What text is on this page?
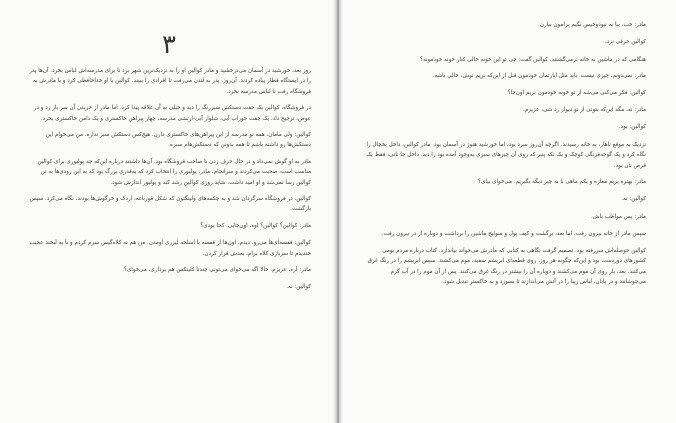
٣

روز بعد، خورشید در آسمان می‌درخشید و مادر کوالین او را به نزدیک‌ترین شهر برد تا برای مدرسه‌اش لباس بخرد. آن‌ها پدر را در ایستگاه قطار پیاده کردند. آن‌روز، پدر به لندن می‌رفت تا افرادی را ببیند. کوالین با او خداحافظی کرد و با مادرش به فروشگاه رفت تا لباس مدرسه بخرد.

در فروشگاه، کوالین یک جفت دستکش سبزرنگ را دید و خیلی به آن علاقه پیدا کرد. اما مادر از خریدن آن سر باز زد و در عوض، ترجیح داد، یک جفت جوراب آبی، شلوار آبی-ارتشی مدرسه، چهار پیراهن خاکستری و یک دامن خاکستری بخرد.

کوالین: ولی مامان، همه تو مدرسه از این پیراهن‌های خاکستری دارن. هیچ‌کس دستکش سبز نداره. من می‌خوام این دستکش‌ها رو داشته باشم تا همه بدونن که دستکش‌هام سبزه.

مادر به او گوش نمی‌داد و در حال حرف زدن با صاحب فروشگاه بود. آن‌ها داشتند درباره این‌که چه پولیوری برای کوالین مناسب است، صحبت می‌کردند و سرانجام، مادر، پولیوری را انتخاب کرد که به‌قدری بزرگ بود که به این زودی‌ها به تن کوالین رسا نمی‌شد و او امید داشت، شاید روزی کوالین رشد کند و پولیور اندازش شود.

کوالین، در فروشگاه سرگردان شد و به چکمه‌های ولینگتون که شکل قورباغه، اردک و خرگوش‌ها بودند، نگاه می‌کرد. سپس بازگشت.

مادر: کوالین؟ کوالین؟ اوه، اون‌جایی. کجا بودی؟

کوالین: قفسه‌ای‌ها می‌رو، دیدم، اون‌ها از قفسه با اسلحه لیزری اومدن. من هم به کلاه‌گیس سرم کردم و با یه لبخند عجیب خندیدم تا سربازی کلاه برام، بعدش فرار کردن.

مادر: آره، عزیزم. حالا اگه می‌خوای می‌تونی چندتا کلینکس هم برداری، می‌خوای؟

کوالین: نه.

مادر: خب، بیا به نیودوخیس بگیم پرامون بیارن.

کوالین حرفی نزد.

هنگامی که در ماشین به خانه برمی‌گشتند، کوالین گفت: چی تو این خونه خالی کنار خونه خودمونه؟

مادر: نمی‌دونم، چیزی نیست. باید مثل اپارتمان خودمون قبل از این‌که بریم توش، خالی باشه.

کوالین: فکر می‌کنی می‌شه از تو خونه خودمون بریم اون‌جا؟

مادر: نه، مگه این‌که بتونی از تو دیوار رد شی، عزیزم.

کوالین: بود.

نزدیک به موقع ناهار، به خانه رسیدند. اگرچه آن‌روز سرد بود، اما خورشید هنوز در آسمان بود. مادر کوالین، داخل یخچال را نگاه کرد و یک گوجه‌فرنگی کوچک و یک تکه پنیر که روی آن چیزهای سبزی به‌وجود آمده بود را دید. داخل جا نانی، فقط یک قرص نان بود.

مادر: بهتره بریم مغازه و یکم ماهی با به چیز دیگه بگیریم. می‌خوای بیای؟

کوالین: نه.

مادر: پس مواظب باش.

سپس مادر از خانه بیرون رفت، اما بعد، برگشت و کیف پول و سوئیچ ماشین را برداشت و دوباره از در بیرون رفت.

کوالین حوصله‌اش سررفته بود. تصمیم گرفت نگاهی به کتابی که مادرش می‌خواند بیاندازد. کتاب درباره مردم بومی کشورهای دوردست بود و این‌که چگونه هر روز، روی قطعه‌ای ابریشم سفید، موم می‌کشند. سپس ابریشم را در رنگ غرق می‌کنند. بعد، بار روی آن موم می‌کشند و دوباره آن را بیشتر در رنگ غرق می‌کنند. پس از آن موم را در آب گرم می‌جوشانند و در پایان، لباس زیبا را در آتش می‌اندازند تا بسوزد و به خاکستر تبدیل شود.
